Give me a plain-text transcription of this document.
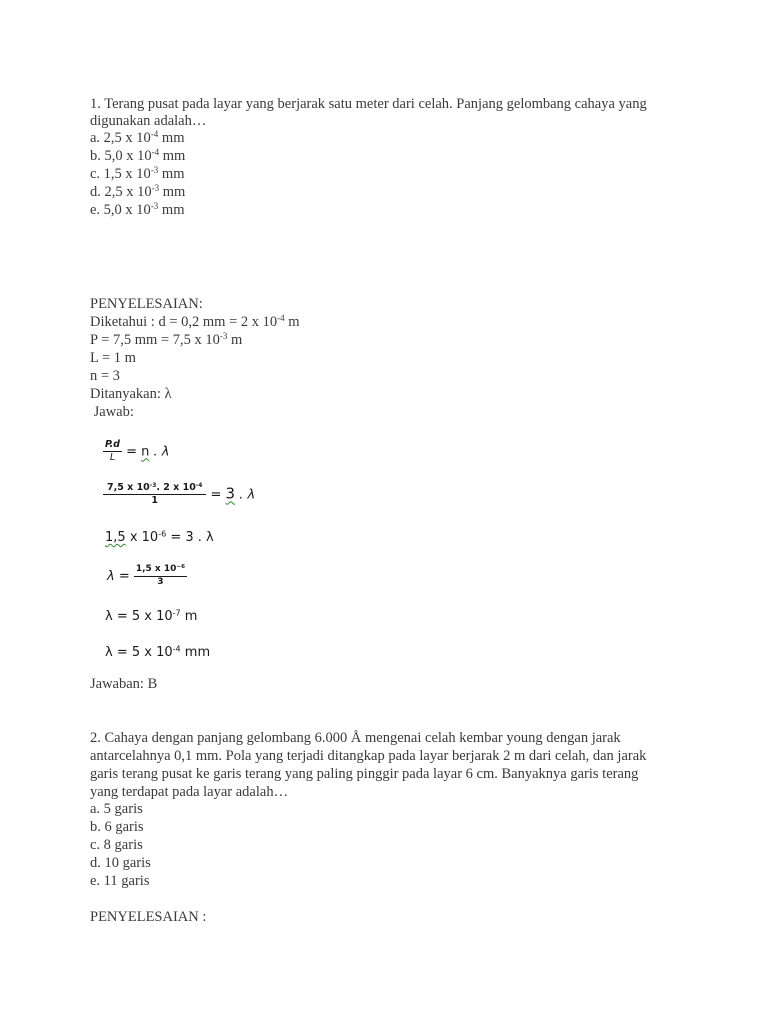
1. Terang pusat pada layar yang berjarak satu meter dari celah. Panjang gelombang cahaya yang
digunakan adalah…
a. 2,5 x $10^{-4}$ mm
b. 5,0 x $10^{-4}$ mm
c. 1,5 x $10^{-3}$ mm
d. 2,5 x $10^{-3}$ mm
e. 5,0 x $10^{-3}$ mm
PENYELESAIAN:
Diketahui : d = 0,2 mm = 2 x $10^{-4}$ m
P = 7,5 mm = 7,5 x $10^{-3}$ m
L = 1 m
n = 3
Ditanyakan: λ
Jawab:
$\frac{P.d}{L} = n$ . λ
$\frac{7,5 x 10^{-3}. 2 x 10^{-4}}{1} = 3$ . λ
1,5 x $10^{-6} = 3$ . λ
$\lambda = \frac{1,5 x 10^{-6}}{3}$
λ = 5 x $10^{-7}$ m
λ = 5 x $10^{-4}$ mm
Jawaban: B
2. Cahaya dengan panjang gelombang 6.000 Å mengenai celah kembar young dengan jarak
antarcelahnya 0,1 mm. Pola yang terjadi ditangkap pada layar berjarak 2 m dari celah, dan jarak
garis terang pusat ke garis terang yang paling pinggir pada layar 6 cm. Banyaknya garis terang
yang terdapat pada layar adalah…
a. 5 garis
b. 6 garis
c. 8 garis
d. 10 garis
e. 11 garis
PENYELESAIAN :
